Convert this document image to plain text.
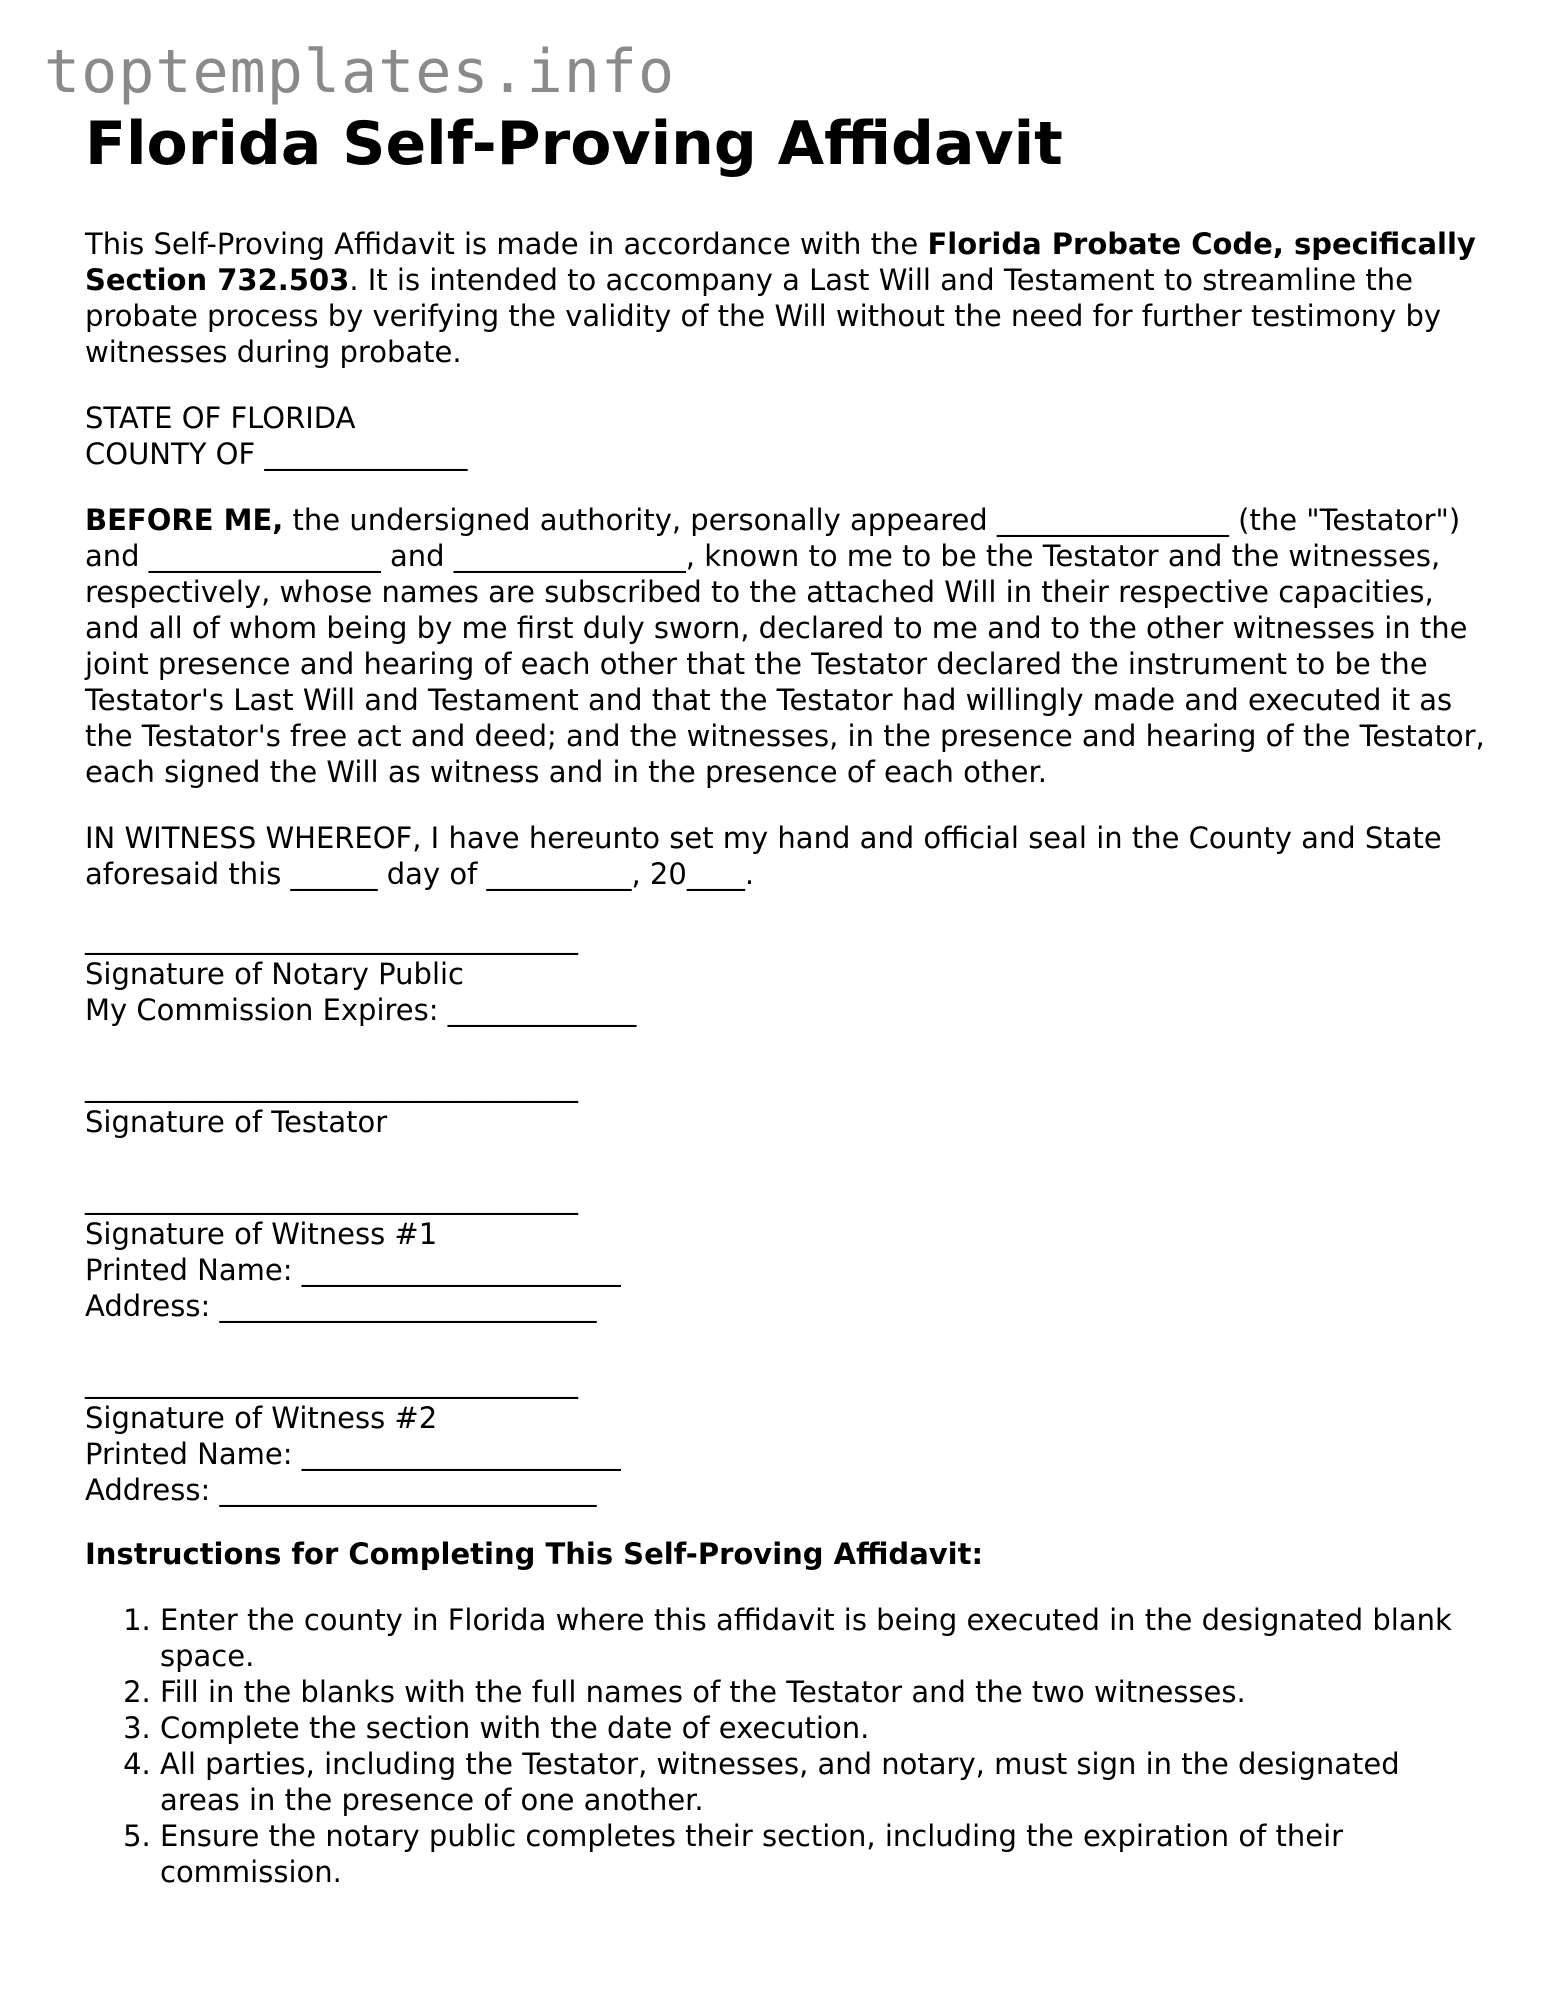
toptemplates.info
Florida Self-Proving Affidavit

This Self-Proving Affidavit is made in accordance with the Florida Probate Code, specifically Section 732.503. It is intended to accompany a Last Will and Testament to streamline the probate process by verifying the validity of the Will without the need for further testimony by witnesses during probate.

STATE OF FLORIDA
COUNTY OF ______________

BEFORE ME, the undersigned authority, personally appeared ________________ (the "Testator") and ________________ and ________________, known to me to be the Testator and the witnesses, respectively, whose names are subscribed to the attached Will in their respective capacities, and all of whom being by me first duly sworn, declared to me and to the other witnesses in the joint presence and hearing of each other that the Testator declared the instrument to be the Testator's Last Will and Testament and that the Testator had willingly made and executed it as the Testator's free act and deed; and the witnesses, in the presence and hearing of the Testator, each signed the Will as witness and in the presence of each other.

IN WITNESS WHEREOF, I have hereunto set my hand and official seal in the County and State aforesaid this ______ day of __________, 20____.

__________________________________
Signature of Notary Public
My Commission Expires: _____________
__________________________________
Signature of Testator
__________________________________
Signature of Witness #1
Printed Name: ______________________
Address: __________________________
__________________________________
Signature of Witness #2
Printed Name: ______________________
Address: __________________________
Instructions for Completing This Self-Proving Affidavit:
1. Enter the county in Florida where this affidavit is being executed in the designated blank space.
2. Fill in the blanks with the full names of the Testator and the two witnesses.
3. Complete the section with the date of execution.
4. All parties, including the Testator, witnesses, and notary, must sign in the designated areas in the presence of one another.
5. Ensure the notary public completes their section, including the expiration of their commission.
